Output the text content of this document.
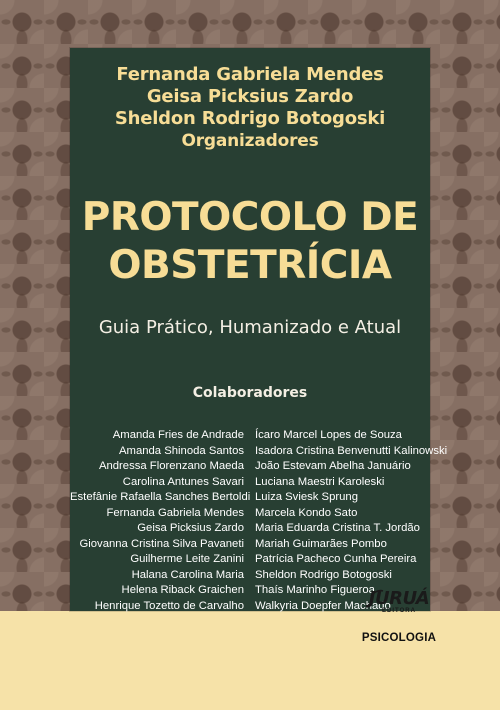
Fernanda Gabriela Mendes
Geisa Picksius Zardo
Sheldon Rodrigo Botogoski
Organizadores
PROTOCOLO DE
OBSTETRÍCIA
Guia Prático, Humanizado e Atual
Colaboradores
Amanda Fries de Andrade
Amanda Shinoda Santos
Andressa Florenzano Maeda
Carolina Antunes Savari
Estefânie Rafaella Sanches Bertoldi
Fernanda Gabriela Mendes
Geisa Picksius Zardo
Giovanna Cristina Silva Pavaneti
Guilherme Leite Zanini
Halana Carolina Maria
Helena Riback Graichen
Henrique Tozetto de Carvalho
Ícaro Marcel Lopes de Souza
Isadora Cristina Benvenutti Kalinowski
João Estevam Abelha Januário
Luciana Maestri Karoleski
Luiza Sviesk Sprung
Marcela Kondo Sato
Maria Eduarda Cristina T. Jordão
Mariah Guimarães Pombo
Patrícia Pacheco Cunha Pereira
Sheldon Rodrigo Botogoski
Thaís Marinho Figueroa
Walkyria Doepfer Machado
JURUÁ
EDITORA
PSICOLOGIA
